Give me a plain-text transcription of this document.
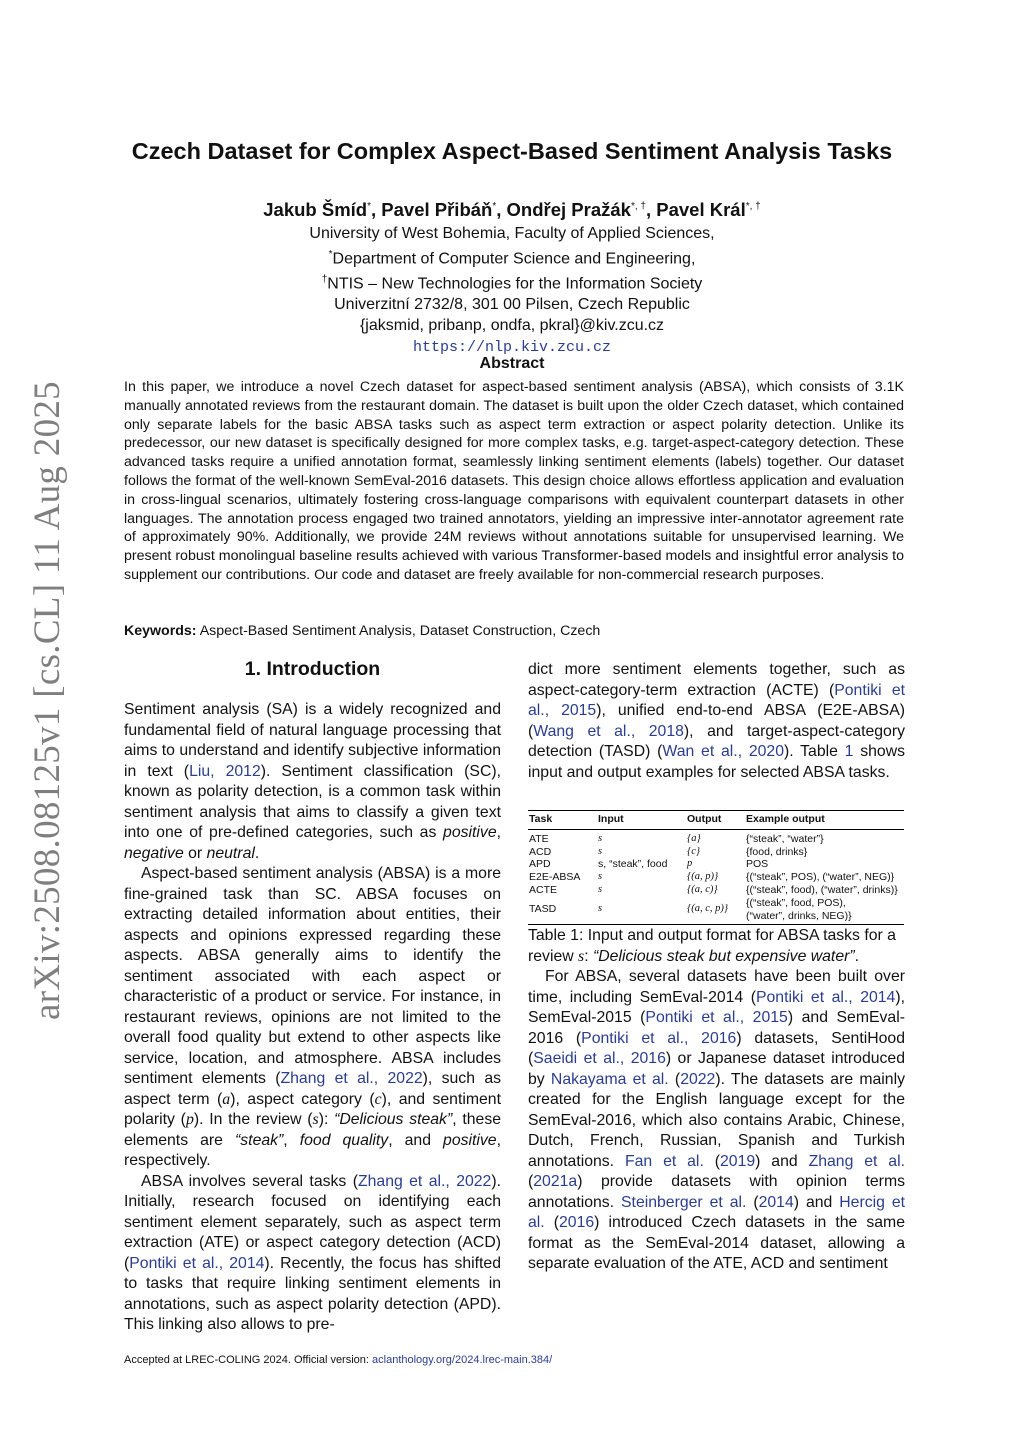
arXiv:2508.08125v1 [cs.CL] 11 Aug 2025
Czech Dataset for Complex Aspect-Based Sentiment Analysis Tasks
Jakub Šmíd*, Pavel Přibáň*, Ondřej Pražák*, †, Pavel Král*, †
University of West Bohemia, Faculty of Applied Sciences,
*Department of Computer Science and Engineering,
†NTIS – New Technologies for the Information Society
Univerzitní 2732/8, 301 00 Pilsen, Czech Republic
{jaksmid, pribanp, ondfa, pkral}@kiv.zcu.cz
https://nlp.kiv.zcu.cz
Abstract

In this paper, we introduce a novel Czech dataset for aspect-based sentiment analysis (ABSA), which consists of 3.1K manually annotated reviews from the restaurant domain. The dataset is built upon the older Czech dataset, which contained only separate labels for the basic ABSA tasks such as aspect term extraction or aspect polarity detection. Unlike its predecessor, our new dataset is specifically designed for more complex tasks, e.g. target-aspect-category detection. These advanced tasks require a unified annotation format, seamlessly linking sentiment elements (labels) together. Our dataset follows the format of the well-known SemEval-2016 datasets. This design choice allows effortless application and evaluation in cross-lingual scenarios, ultimately fostering cross-language comparisons with equivalent counterpart datasets in other languages. The annotation process engaged two trained annotators, yielding an impressive inter-annotator agreement rate of approximately 90%. Additionally, we provide 24M reviews without annotations suitable for unsupervised learning. We present robust monolingual baseline results achieved with various Transformer-based models and insightful error analysis to supplement our contributions. Our code and dataset are freely available for non-commercial research purposes.

Keywords: Aspect-Based Sentiment Analysis, Dataset Construction, Czech
1. Introduction

Sentiment analysis (SA) is a widely recognized and fundamental field of natural language processing that aims to understand and identify subjective information in text (Liu, 2012). Sentiment classification (SC), known as polarity detection, is a common task within sentiment analysis that aims to classify a given text into one of pre-defined categories, such as positive, negative or neutral.

Aspect-based sentiment analysis (ABSA) is a more fine-grained task than SC. ABSA focuses on extracting detailed information about entities, their aspects and opinions expressed regarding these aspects. ABSA generally aims to identify the sentiment associated with each aspect or characteristic of a product or service. For instance, in restaurant reviews, opinions are not limited to the overall food quality but extend to other aspects like service, location, and atmosphere. ABSA includes sentiment elements (Zhang et al., 2022), such as aspect term (a), aspect category (c), and sentiment polarity (p). In the review (s): “Delicious steak”, these elements are “steak”, food quality, and positive, respectively.

ABSA involves several tasks (Zhang et al., 2022). Initially, research focused on identifying each sentiment element separately, such as aspect term extraction (ATE) or aspect category detection (ACD) (Pontiki et al., 2014). Recently, the focus has shifted to tasks that require linking sentiment elements in annotations, such as aspect polarity detection (APD). This linking also allows to pre-

dict more sentiment elements together, such as aspect-category-term extraction (ACTE) (Pontiki et al., 2015), unified end-to-end ABSA (E2E-ABSA) (Wang et al., 2018), and target-aspect-category detection (TASD) (Wan et al., 2020). Table 1 shows input and output examples for selected ABSA tasks.

Task	Input	Output	Example output
ATE	s	{a}	{“steak”, “water”}
ACD	s	{c}	{food, drinks}
APD	s, “steak”, food	p	POS
E2E-ABSA	s	{(a, p)}	{(“steak”, POS), (“water”, NEG)}
ACTE	s	{(a, c)}	{(“steak”, food), (“water”, drinks)}
TASD	s	{(a, c, p)}	{(“steak”, food, POS),
(“water”, drinks, NEG)}

Table 1: Input and output format for ABSA tasks for a review s: “Delicious steak but expensive water”.

For ABSA, several datasets have been built over time, including SemEval-2014 (Pontiki et al., 2014), SemEval-2015 (Pontiki et al., 2015) and SemEval-2016 (Pontiki et al., 2016) datasets, SentiHood (Saeidi et al., 2016) or Japanese dataset introduced by Nakayama et al. (2022). The datasets are mainly created for the English language except for the SemEval-2016, which also contains Arabic, Chinese, Dutch, French, Russian, Spanish and Turkish annotations. Fan et al. (2019) and Zhang et al. (2021a) provide datasets with opinion terms annotations. Steinberger et al. (2014) and Hercig et al. (2016) introduced Czech datasets in the same format as the SemEval-2014 dataset, allowing a separate evaluation of the ATE, ACD and sentiment

Accepted at LREC-COLING 2024. Official version: aclanthology.org/2024.lrec-main.384/
